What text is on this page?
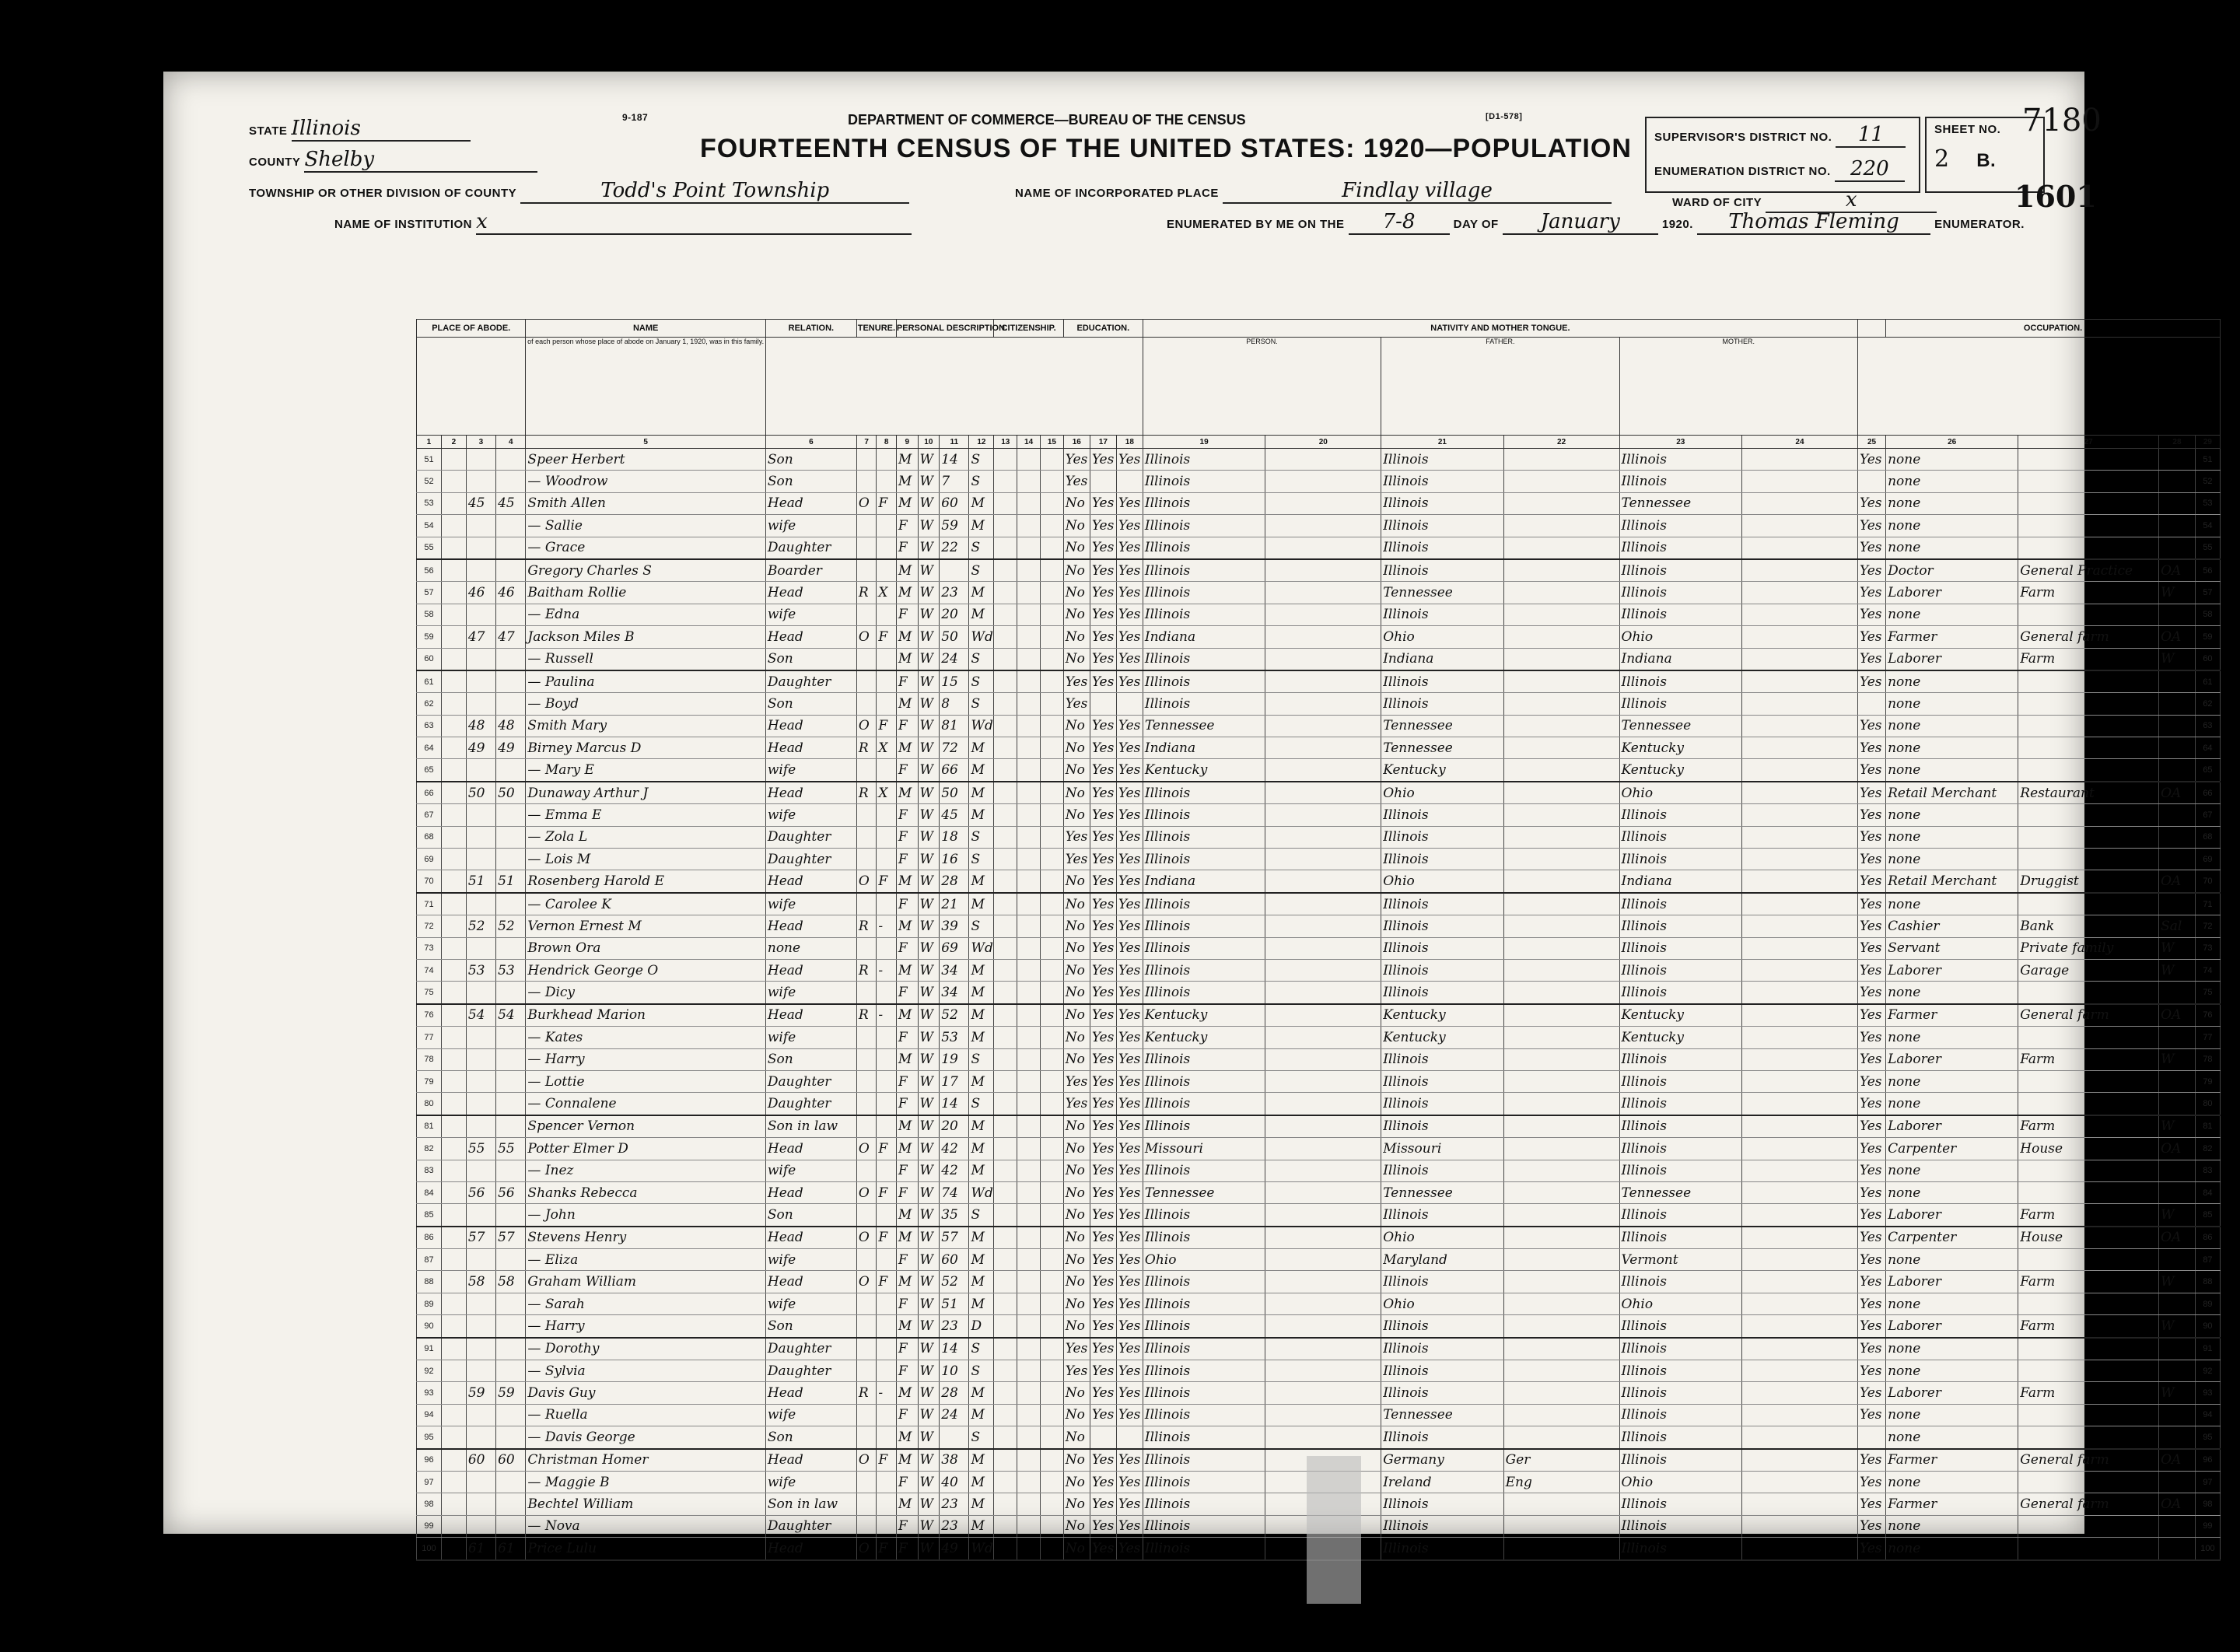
STATE Illinois
COUNTY Shelby
TOWNSHIP OR OTHER DIVISION OF COUNTY	Todd's Point Township
NAME OF INSTITUTION x
9-187	DEPARTMENT OF COMMERCE—BUREAU OF THE CENSUS	[D1-578]
FOURTEENTH CENSUS OF THE UNITED STATES: 1920—POPULATION
NAME OF INCORPORATED PLACE	Findlay village
ENUMERATED BY ME ON THE 7-8	DAY OF January	1920. Thomas Fleming	ENUMERATOR.
SUPERVISOR'S DISTRICT NO. 11
ENUMERATION DISTRICT NO. 220
SHEET NO.
2 B.
WARD OF CITY	x
7180
1601
PLACE OF ABODE.				NAME	RELATION.	TENURE.		PERSONAL DESCRIPTION.				CITIZENSHIP.			EDUCATION.			NATIVITY AND MOTHER TONGUE.							OCCUPATION.			
				of each person whose place of abode on January 1, 1920, was in this family.														PERSON.		FATHER.		MOTHER.						
1	2	3	4	5	6	7	8	9	10	11	12	13	14	15	16	17	18	19	20	21	22	23	24	25	26	27	28	29
51				Speer Herbert	Son			M	W	14	S				Yes	Yes	Yes	Illinois		Illinois		Illinois		Yes	none			51
52				— Woodrow	Son			M	W	7	S				Yes			Illinois		Illinois		Illinois			none			52
53		45	45	Smith Allen	Head	O	F	M	W	60	M				No	Yes	Yes	Illinois		Illinois		Tennessee		Yes	none			53
54				— Sallie	wife			F	W	59	M				No	Yes	Yes	Illinois		Illinois		Illinois		Yes	none			54
55				— Grace	Daughter			F	W	22	S				No	Yes	Yes	Illinois		Illinois		Illinois		Yes	none			55
56				Gregory Charles S	Boarder			M	W		S				No	Yes	Yes	Illinois		Illinois		Illinois		Yes	Doctor	General Practice	OA	56
57		46	46	Baitham Rollie	Head	R	X	M	W	23	M				No	Yes	Yes	Illinois		Tennessee		Illinois		Yes	Laborer	Farm	W	57
58				— Edna	wife			F	W	20	M				No	Yes	Yes	Illinois		Illinois		Illinois		Yes	none			58
59		47	47	Jackson Miles B	Head	O	F	M	W	50	Wd				No	Yes	Yes	Indiana		Ohio		Ohio		Yes	Farmer	General farm	OA	59
60				— Russell	Son			M	W	24	S				No	Yes	Yes	Illinois		Indiana		Indiana		Yes	Laborer	Farm	W	60
61				— Paulina	Daughter			F	W	15	S				Yes	Yes	Yes	Illinois		Illinois		Illinois		Yes	none			61
62				— Boyd	Son			M	W	8	S				Yes			Illinois		Illinois		Illinois			none			62
63		48	48	Smith Mary	Head	O	F	F	W	81	Wd				No	Yes	Yes	Tennessee		Tennessee		Tennessee		Yes	none			63
64		49	49	Birney Marcus D	Head	R	X	M	W	72	M				No	Yes	Yes	Indiana		Tennessee		Kentucky		Yes	none			64
65				— Mary E	wife			F	W	66	M				No	Yes	Yes	Kentucky		Kentucky		Kentucky		Yes	none			65
66		50	50	Dunaway Arthur J	Head	R	X	M	W	50	M				No	Yes	Yes	Illinois		Ohio		Ohio		Yes	Retail Merchant	Restaurant	OA	66
67				— Emma E	wife			F	W	45	M				No	Yes	Yes	Illinois		Illinois		Illinois		Yes	none			67
68				— Zola L	Daughter			F	W	18	S				Yes	Yes	Yes	Illinois		Illinois		Illinois		Yes	none			68
69				— Lois M	Daughter			F	W	16	S				Yes	Yes	Yes	Illinois		Illinois		Illinois		Yes	none			69
70		51	51	Rosenberg Harold E	Head	O	F	M	W	28	M				No	Yes	Yes	Indiana		Ohio		Indiana		Yes	Retail Merchant	Druggist	OA	70
71				— Carolee K	wife			F	W	21	M				No	Yes	Yes	Illinois		Illinois		Illinois		Yes	none			71
72		52	52	Vernon Ernest M	Head	R	-	M	W	39	S				No	Yes	Yes	Illinois		Illinois		Illinois		Yes	Cashier	Bank	Sal	72
73				Brown Ora	none			F	W	69	Wd				No	Yes	Yes	Illinois		Illinois		Illinois		Yes	Servant	Private family	W	73
74		53	53	Hendrick George O	Head	R	-	M	W	34	M				No	Yes	Yes	Illinois		Illinois		Illinois		Yes	Laborer	Garage	W	74
75				— Dicy	wife			F	W	34	M				No	Yes	Yes	Illinois		Illinois		Illinois		Yes	none			75
76		54	54	Burkhead Marion	Head	R	-	M	W	52	M				No	Yes	Yes	Kentucky		Kentucky		Kentucky		Yes	Farmer	General farm	OA	76
77				— Kates	wife			F	W	53	M				No	Yes	Yes	Kentucky		Kentucky		Kentucky		Yes	none			77
78				— Harry	Son			M	W	19	S				No	Yes	Yes	Illinois		Illinois		Illinois		Yes	Laborer	Farm	W	78
79				— Lottie	Daughter			F	W	17	M				Yes	Yes	Yes	Illinois		Illinois		Illinois		Yes	none			79
80				— Connalene	Daughter			F	W	14	S				Yes	Yes	Yes	Illinois		Illinois		Illinois		Yes	none			80
81				Spencer Vernon	Son in law			M	W	20	M				No	Yes	Yes	Illinois		Illinois		Illinois		Yes	Laborer	Farm	W	81
82		55	55	Potter Elmer D	Head	O	F	M	W	42	M				No	Yes	Yes	Missouri		Missouri		Illinois		Yes	Carpenter	House	OA	82
83				— Inez	wife			F	W	42	M				No	Yes	Yes	Illinois		Illinois		Illinois		Yes	none			83
84		56	56	Shanks Rebecca	Head	O	F	F	W	74	Wd				No	Yes	Yes	Tennessee		Tennessee		Tennessee		Yes	none			84
85				— John	Son			M	W	35	S				No	Yes	Yes	Illinois		Illinois		Illinois		Yes	Laborer	Farm	W	85
86		57	57	Stevens Henry	Head	O	F	M	W	57	M				No	Yes	Yes	Illinois		Ohio		Illinois		Yes	Carpenter	House	OA	86
87				— Eliza	wife			F	W	60	M				No	Yes	Yes	Ohio		Maryland		Vermont		Yes	none			87
88		58	58	Graham William	Head	O	F	M	W	52	M				No	Yes	Yes	Illinois		Illinois		Illinois		Yes	Laborer	Farm	W	88
89				— Sarah	wife			F	W	51	M				No	Yes	Yes	Illinois		Ohio		Ohio		Yes	none			89
90				— Harry	Son			M	W	23	D				No	Yes	Yes	Illinois		Illinois		Illinois		Yes	Laborer	Farm	W	90
91				— Dorothy	Daughter			F	W	14	S				Yes	Yes	Yes	Illinois		Illinois		Illinois		Yes	none			91
92				— Sylvia	Daughter			F	W	10	S				Yes	Yes	Yes	Illinois		Illinois		Illinois		Yes	none			92
93		59	59	Davis Guy	Head	R	-	M	W	28	M				No	Yes	Yes	Illinois		Illinois		Illinois		Yes	Laborer	Farm	W	93
94				— Ruella	wife			F	W	24	M				No	Yes	Yes	Illinois		Tennessee		Illinois		Yes	none			94
95				— Davis George	Son			M	W		S				No			Illinois		Illinois		Illinois			none			95
96		60	60	Christman Homer	Head	O	F	M	W	38	M				No	Yes	Yes	Illinois		Germany	Ger	Illinois		Yes	Farmer	General farm	OA	96
97				— Maggie B	wife			F	W	40	M				No	Yes	Yes	Illinois		Ireland	Eng	Ohio		Yes	none			97
98				Bechtel William	Son in law			M	W	23	M				No	Yes	Yes	Illinois		Illinois		Illinois		Yes	Farmer	General farm	OA	98
99				— Nova	Daughter			F	W	23	M				No	Yes	Yes	Illinois		Illinois		Illinois		Yes	none			99
100		61	61	Price Lulu	Head	O	F	F	W	49	Wd				No	Yes	Yes	Illinois		Illinois		Illinois		Yes	none			100
